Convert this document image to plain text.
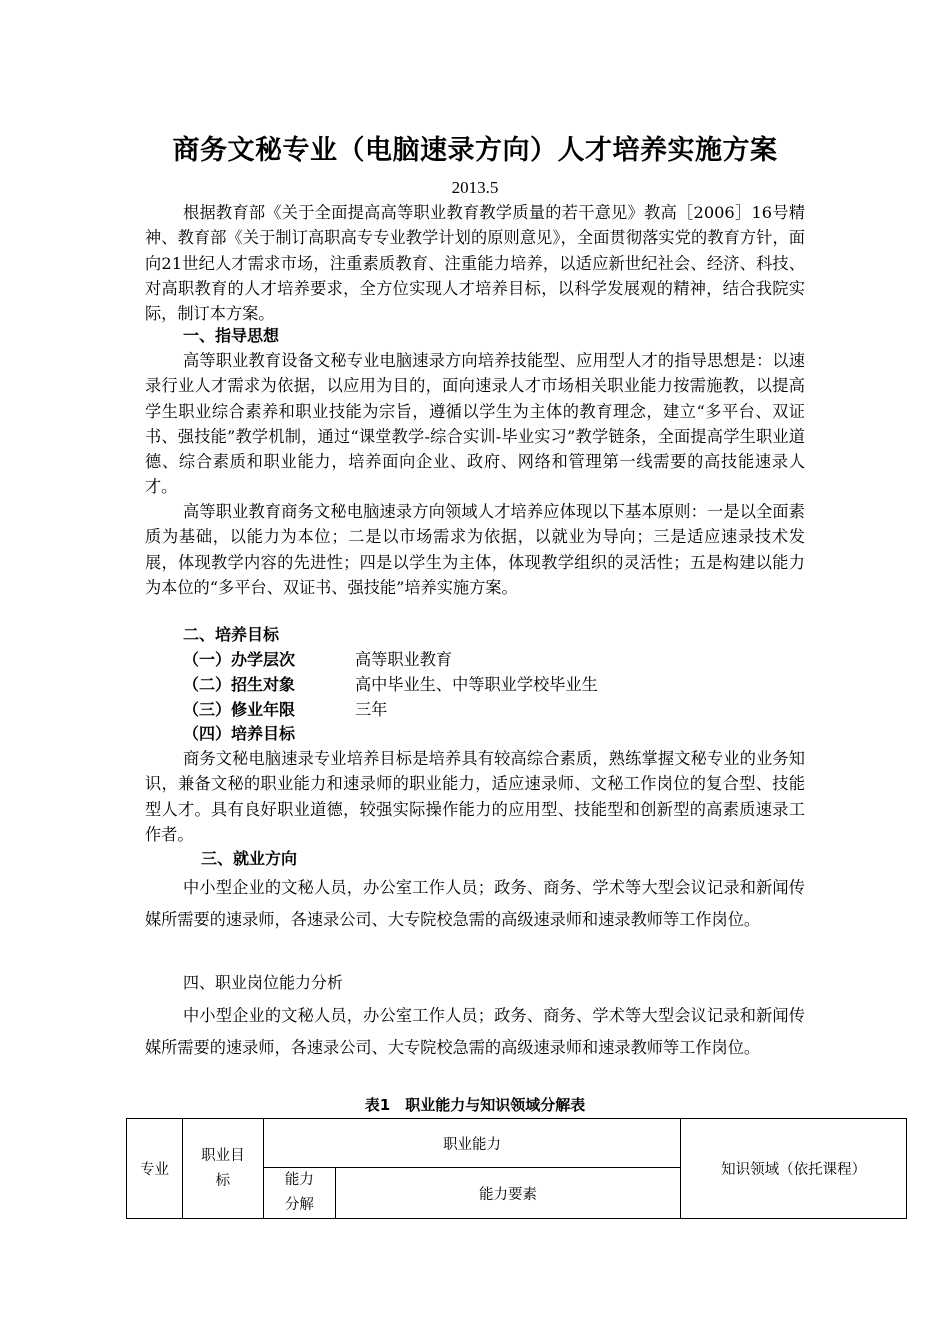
商务文秘专业（电脑速录方向）人才培养实施方案
2013.5

根据教育部《关于全面提高高等职业教育教学质量的若干意见》教高［2006］16号精神、教育部《关于制订高职高专专业教学计划的原则意见》，全面贯彻落实党的教育方针，面向21世纪人才需求市场，注重素质教育、注重能力培养，以适应新世纪社会、经济、科技、对高职教育的人才培养要求，全方位实现人才培养目标，以科学发展观的精神，结合我院实际，制订本方案。

一、指导思想

高等职业教育设备文秘专业电脑速录方向培养技能型、应用型人才的指导思想是：以速录行业人才需求为依据，以应用为目的，面向速录人才市场相关职业能力按需施教，以提高学生职业综合素养和职业技能为宗旨，遵循以学生为主体的教育理念，建立“多平台、双证书、强技能”教学机制，通过“课堂教学-综合实训-毕业实习”教学链条，全面提高学生职业道德、综合素质和职业能力，培养面向企业、政府、网络和管理第一线需要的高技能速录人才。

高等职业教育商务文秘电脑速录方向领域人才培养应体现以下基本原则：一是以全面素质为基础，以能力为本位；二是以市场需求为依据，以就业为导向；三是适应速录技术发展，体现教学内容的先进性；四是以学生为主体，体现教学组织的灵活性；五是构建以能力为本位的“多平台、双证书、强技能”培养实施方案。

二、培养目标
（一）办学层次	高等职业教育
（二）招生对象	高中毕业生、中等职业学校毕业生
（三）修业年限	三年
（四）培养目标

商务文秘电脑速录专业培养目标是培养具有较高综合素质，熟练掌握文秘专业的业务知识，兼备文秘的职业能力和速录师的职业能力，适应速录师、文秘工作岗位的复合型、技能型人才。具有良好职业道德，较强实际操作能力的应用型、技能型和创新型的高素质速录工作者。

三、就业方向

中小型企业的文秘人员，办公室工作人员；政务、商务、学术等大型会议记录和新闻传媒所需要的速录师，各速录公司、大专院校急需的高级速录师和速录教师等工作岗位。

四、职业岗位能力分析

中小型企业的文秘人员，办公室工作人员；政务、商务、学术等大型会议记录和新闻传媒所需要的速录师，各速录公司、大专院校急需的高级速录师和速录教师等工作岗位。

表1　职业能力与知识领域分解表
专业	职业目标	职业能力		知识领域（依托课程）
		能力分解	能力要素	
